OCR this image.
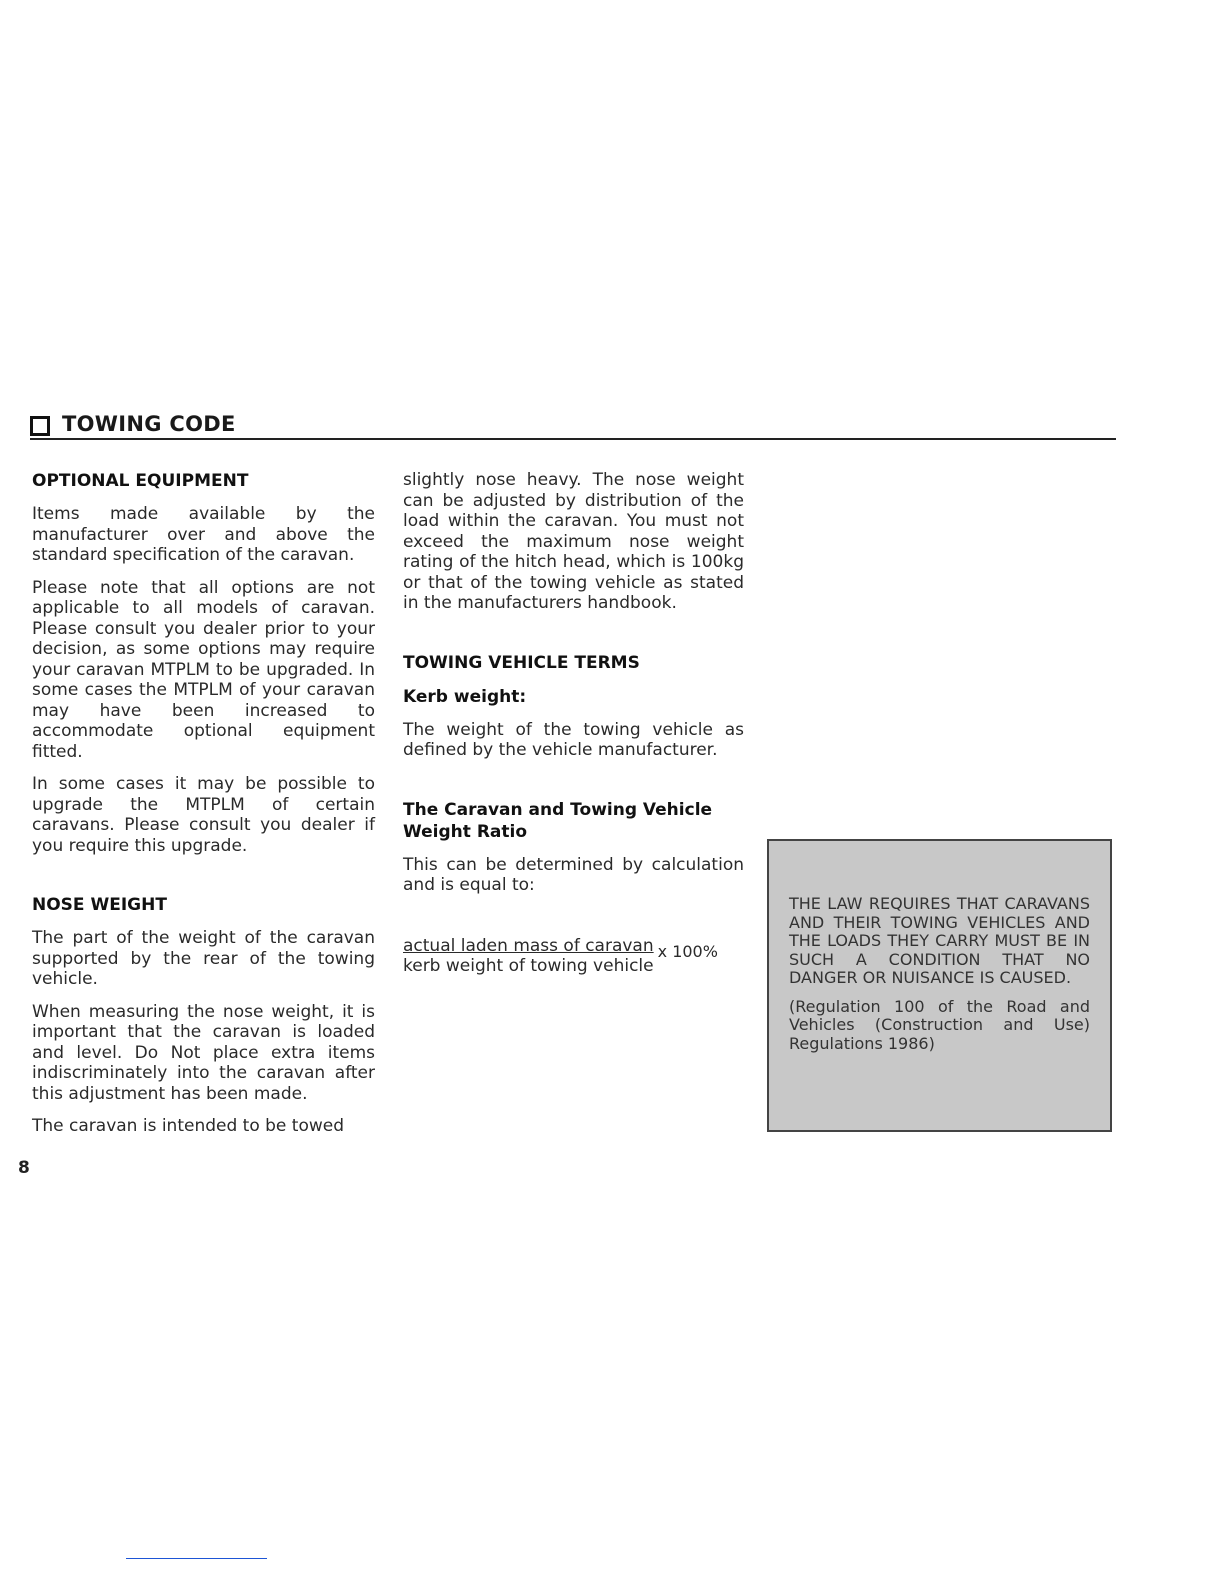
TOWING CODE
OPTIONAL EQUIPMENT

Items made available by the manufacturer over and above the standard specification of the caravan.

Please note that all options are not applicable to all models of caravan. Please consult you dealer prior to your decision, as some options may require your caravan MTPLM to be upgraded. In some cases the MTPLM of your caravan may have been increased to accommodate optional equipment fitted.

In some cases it may be possible to upgrade the MTPLM of certain caravans. Please consult you dealer if you require this upgrade.

NOSE WEIGHT

The part of the weight of the caravan supported by the rear of the towing vehicle.

When measuring the nose weight, it is important that the caravan is loaded and level. Do Not place extra items indiscriminately into the caravan after this adjustment has been made.

The caravan is intended to be towed

slightly nose heavy. The nose weight can be adjusted by distribution of the load within the caravan. You must not exceed the maximum nose weight rating of the hitch head, which is 100kg or that of the towing vehicle as stated in the manufacturers handbook.

TOWING VEHICLE TERMS
Kerb weight:

The weight of the towing vehicle as defined by the vehicle manufacturer.

The Caravan and Towing Vehicle Weight Ratio

This can be determined by calculation and is equal to:

actual laden mass of caravan x 100%
kerb weight of towing vehicle

THE LAW REQUIRES THAT CARAVANS AND THEIR TOWING VEHICLES AND THE LOADS THEY CARRY MUST BE IN SUCH A CONDITION THAT NO DANGER OR NUISANCE IS CAUSED.

(Regulation 100 of the Road and Vehicles (Construction and Use) Regulations 1986)

8
